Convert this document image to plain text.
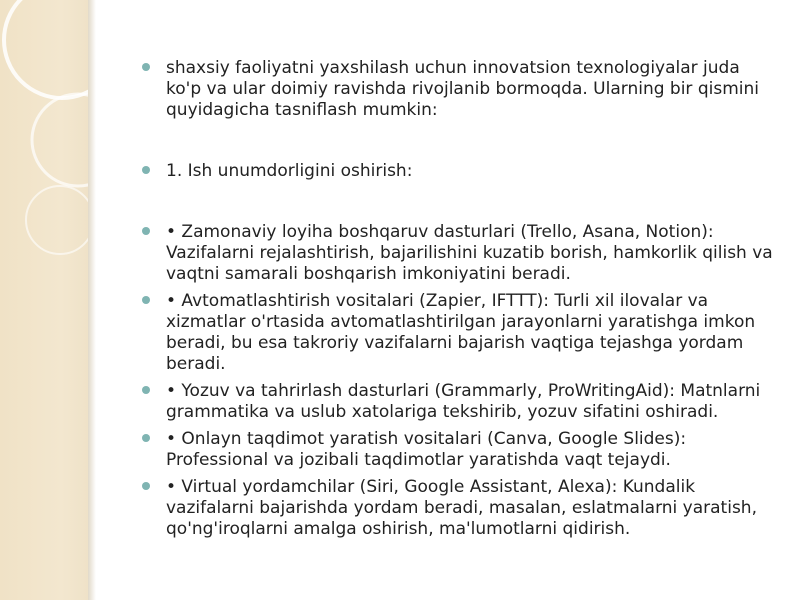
shaxsiy faoliyatni yaxshilash uchun innovatsion texnologiyalar juda ko'p va ular doimiy ravishda rivojlanib bormoqda. Ularning bir qismini quyidagicha tasniflash mumkin:
1. Ish unumdorligini oshirish:
• Zamonaviy loyiha boshqaruv dasturlari (Trello, Asana, Notion): Vazifalarni rejalashtirish, bajarilishini kuzatib borish, hamkorlik qilish va vaqtni samarali boshqarish imkoniyatini beradi.
• Avtomatlashtirish vositalari (Zapier, IFTTT): Turli xil ilovalar va xizmatlar o'rtasida avtomatlashtirilgan jarayonlarni yaratishga imkon beradi, bu esa takroriy vazifalarni bajarish vaqtiga tejashga yordam beradi.
• Yozuv va tahrirlash dasturlari (Grammarly, ProWritingAid): Matnlarni grammatika va uslub xatolariga tekshirib, yozuv sifatini oshiradi.
• Onlayn taqdimot yaratish vositalari (Canva, Google Slides): Professional va jozibali taqdimotlar yaratishda vaqt tejaydi.
• Virtual yordamchilar (Siri, Google Assistant, Alexa): Kundalik vazifalarni bajarishda yordam beradi, masalan, eslatmalarni yaratish, qo'ng'iroqlarni amalga oshirish, ma'lumotlarni qidirish.
